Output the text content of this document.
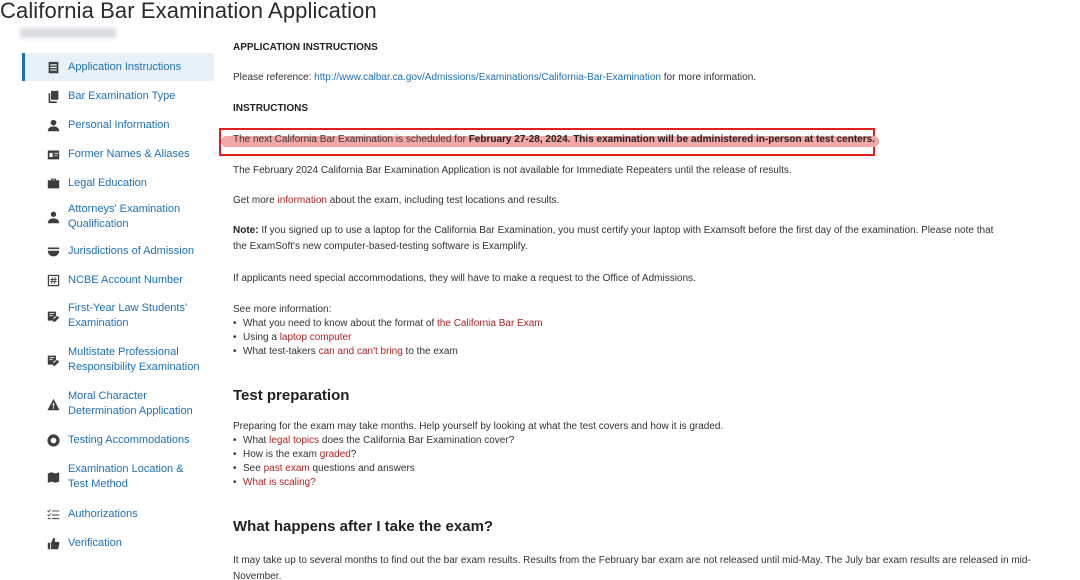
California Bar Examination Application
Application Instructions
Bar Examination Type
Personal Information
Former Names & Aliases
Legal Education
Attorneys' Examination
Qualification
Jurisdictions of Admission
NCBE Account Number
First-Year Law Students'
Examination
Multistate Professional
Responsibility Examination
Moral Character
Determination Application
Testing Accommodations
Examination Location &
Test Method
Authorizations
Verification
APPLICATION INSTRUCTIONS
Please reference: http://www.calbar.ca.gov/Admissions/Examinations/California-Bar-Examination for more information.
INSTRUCTIONS
The next California Bar Examination is scheduled for February 27-28, 2024. This examination will be administered in-person at test centers.
The February 2024 California Bar Examination Application is not available for Immediate Repeaters until the release of results.
Get more information about the exam, including test locations and results.
Note: If you signed up to use a laptop for the California Bar Examination, you must certify your laptop with Examsoft before the first day of the examination. Please note that
the ExamSoft's new computer-based-testing software is Examplify.
If applicants need special accommodations, they will have to make a request to the Office of Admissions.
See more information:
• What you need to know about the format of the California Bar Exam
• Using a laptop computer
• What test-takers can and can't bring to the exam
Test preparation
Preparing for the exam may take months. Help yourself by looking at what the test covers and how it is graded.
• What legal topics does the California Bar Examination cover?
• How is the exam graded?
• See past exam questions and answers
• What is scaling?
What happens after I take the exam?
It may take up to several months to find out the bar exam results. Results from the February bar exam are not released until mid-May. The July bar exam results are released in mid-
November.
